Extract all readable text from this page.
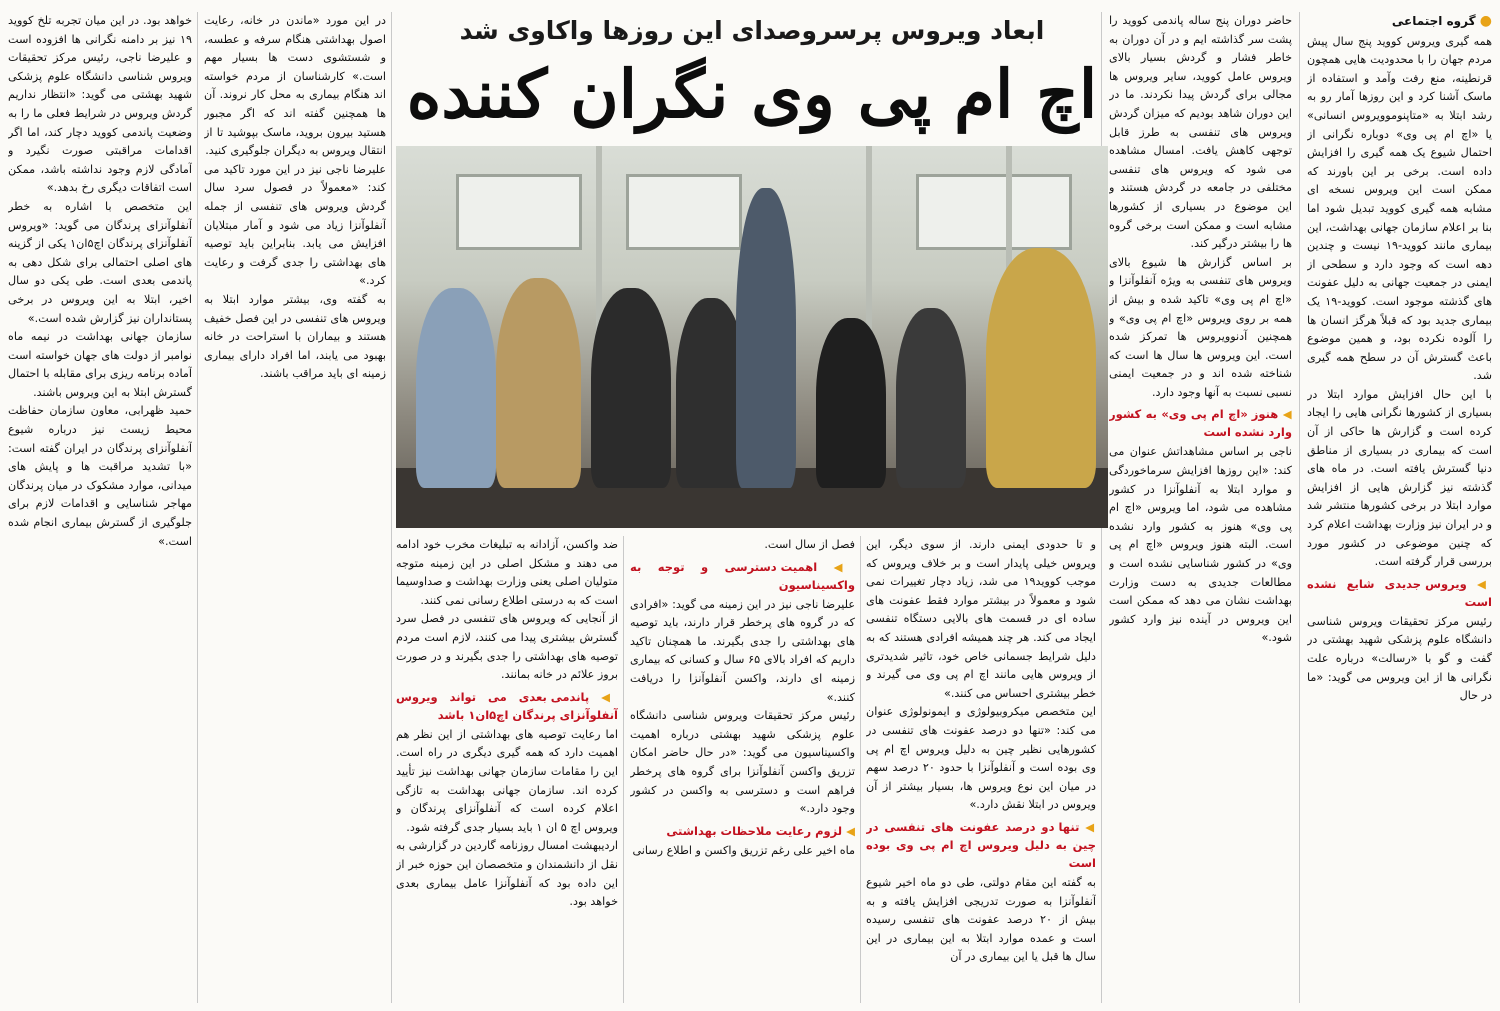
● گروه اجتماعی

همه گیری ویروس کووید پنج سال پیش مردم جهان را با محدودیت هایی همچون قرنطینه، منع رفت وآمد و استفاده از ماسک آشنا کرد و این روزها آمار رو به رشد ابتلا به «متاپنوموویروس انسانی» یا «اچ ام پی وی» دوباره نگرانی از احتمال شیوع یک همه گیری را افزایش داده است. برخی بر این باورند که ممکن است این ویروس نسخه ای مشابه همه گیری کووید تبدیل شود اما بنا بر اعلام سازمان جهانی بهداشت، این بیماری مانند کووید-۱۹ نیست و چندین دهه است که وجود دارد و سطحی از ایمنی در جمعیت جهانی به دلیل عفونت های گذشته موجود است. کووید-۱۹ یک بیماری جدید بود که قبلاً هرگز انسان ها را آلوده نکرده بود، و همین موضوع باعث گسترش آن در سطح همه گیری شد.

با این حال افزایش موارد ابتلا در بسیاری از کشورها نگرانی هایی را ایجاد کرده است و گزارش ها حاکی از آن است که بیماری در بسیاری از مناطق دنیا گسترش یافته است. در ماه های گذشته نیز گزارش هایی از افزایش موارد ابتلا در برخی کشورها منتشر شد و در ایران نیز وزارت بهداشت اعلام کرد که چنین موضوعی در کشور مورد بررسی قرار گرفته است.

◀ ویروس جدیدی شایع نشده است

رئیس مرکز تحقیقات ویروس شناسی دانشگاه علوم پزشکی شهید بهشتی در گفت و گو با «رسالت» درباره علت نگرانی ها از این ویروس می گوید: «ما در حال

حاضر دوران پنج ساله پاندمی کووید را پشت سر گذاشته ایم و در آن دوران به خاطر فشار و گردش بسیار بالای ویروس عامل کووید، سایر ویروس ها مجالی برای گردش پیدا نکردند. ما در این دوران شاهد بودیم که میزان گردش ویروس های تنفسی به طرز قابل توجهی کاهش یافت. امسال مشاهده می شود که ویروس های تنفسی مختلفی در جامعه در گردش هستند و این موضوع در بسیاری از کشورها مشابه است و ممکن است برخی گروه ها را بیشتر درگیر کند.

بر اساس گزارش ها شیوع بالای ویروس های تنفسی به ویژه آنفلوآنزا و «اچ ام پی وی» تاکید شده و بیش از همه بر روی ویروس «اچ ام پی وی» و همچنین آدنوویروس ها تمرکز شده است. این ویروس ها سال ها است که شناخته شده اند و در جمعیت ایمنی نسبی نسبت به آنها وجود دارد.

◀ هنوز «اچ ام پی وی» به کشور وارد نشده است

ناجی بر اساس مشاهداتش عنوان می کند: «این روزها افزایش سرماخوردگی و موارد ابتلا به آنفلوآنزا در کشور مشاهده می شود، اما ویروس «اچ ام پی وی» هنوز به کشور وارد نشده است. البته هنوز ویروس «اچ ام پی وی» در کشور شناسایی نشده است و مطالعات جدیدی به دست وزارت بهداشت نشان می دهد که ممکن است این ویروس در آینده نیز وارد کشور شود.»

ابعاد ویروس پرسروصدای این روزها واکاوی شد
اچ ام پی وی نگران کننده

و تا حدودی ایمنی دارند. از سوی دیگر، این ویروس خیلی پایدار است و بر خلاف ویروس که موجب کووید۱۹ می شد، زیاد دچار تغییرات نمی شود و معمولاً در بیشتر موارد فقط عفونت های ساده ای در قسمت های بالایی دستگاه تنفسی ایجاد می کند. هر چند همیشه افرادی هستند که به دلیل شرایط جسمانی خاص خود، تاثیر شدیدتری از ویروس هایی مانند اچ ام پی وی می گیرند و خطر بیشتری احساس می کنند.»

این متخصص میکروبیولوژی و ایمونولوژی عنوان می کند: «تنها دو درصد عفونت های تنفسی در کشورهایی نظیر چین به دلیل ویروس اچ ام پی وی بوده است و آنفلوآنزا با حدود ۲۰ درصد سهم در میان این نوع ویروس ها، بسیار بیشتر از آن ویروس در ابتلا نقش دارد.»

◀ تنها دو درصد عفونت های تنفسی در چین به دلیل ویروس اچ ام پی وی بوده است

به گفته این مقام دولتی، طی دو ماه اخیر شیوع آنفلوآنزا به صورت تدریجی افزایش یافته و به بیش از ۲۰ درصد عفونت های تنفسی رسیده است و عمده موارد ابتلا به این بیماری در این سال ها قبل یا این بیماری در آن

فصل از سال است.

◀ اهمیت دسترسی و توجه به واکسیناسیون

علیرضا ناجی نیز در این زمینه می گوید: «افرادی که در گروه های پرخطر قرار دارند، باید توصیه های بهداشتی را جدی بگیرند. ما همچنان تاکید داریم که افراد بالای ۶۵ سال و کسانی که بیماری زمینه ای دارند، واکسن آنفلوآنزا را دریافت کنند.»

رئیس مرکز تحقیقات ویروس شناسی دانشگاه علوم پزشکی شهید بهشتی درباره اهمیت واکسیناسیون می گوید: «در حال حاضر امکان تزریق واکسن آنفلوآنزا برای گروه های پرخطر فراهم است و دسترسی به واکسن در کشور وجود دارد.»

◀ لزوم رعایت ملاحظات بهداشتی

ماه اخیر علی رغم تزریق واکسن و اطلاع رسانی

ضد واکسن، آزادانه به تبلیغات مخرب خود ادامه می دهند و مشکل اصلی در این زمینه متوجه متولیان اصلی یعنی وزارت بهداشت و صداوسیما است که به درستی اطلاع رسانی نمی کنند.

از آنجایی که ویروس های تنفسی در فصل سرد گسترش بیشتری پیدا می کنند، لازم است مردم توصیه های بهداشتی را جدی بگیرند و در صورت بروز علائم در خانه بمانند.

◀ پاندمی بعدی می تواند ویروس آنفلوآنزای پرندگان اچ۵ان۱ باشد

اما رعایت توصیه های بهداشتی از این نظر هم اهمیت دارد که همه گیری دیگری در راه است. این را مقامات سازمان جهانی بهداشت نیز تأیید کرده اند. سازمان جهانی بهداشت به تازگی اعلام کرده است که آنفلوآنزای پرندگان و ویروس اچ ۵ ان ۱ باید بسیار جدی گرفته شود.

اردیبهشت امسال روزنامه گاردین در گزارشی به نقل از دانشمندان و متخصصان این حوزه خبر از این داده بود که آنفلوآنزا عامل بیماری بعدی خواهد بود.

در این مورد «ماندن در خانه، رعایت اصول بهداشتی هنگام سرفه و عطسه، و شستشوی دست ها بسیار مهم است.» کارشناسان از مردم خواسته اند هنگام بیماری به محل کار نروند. آن ها همچنین گفته اند که اگر مجبور هستید بیرون بروید، ماسک بپوشید تا از انتقال ویروس به دیگران جلوگیری کنید.

علیرضا ناجی نیز در این مورد تاکید می کند: «معمولاً در فصول سرد سال گردش ویروس های تنفسی از جمله آنفلوآنزا زیاد می شود و آمار مبتلایان افزایش می یابد. بنابراین باید توصیه های بهداشتی را جدی گرفت و رعایت کرد.»

به گفته وی، بیشتر موارد ابتلا به ویروس های تنفسی در این فصل خفیف هستند و بیماران با استراحت در خانه بهبود می یابند، اما افراد دارای بیماری زمینه ای باید مراقب باشند.

خواهد بود. در این میان تجربه تلخ کووید ۱۹ نیز بر دامنه نگرانی ها افزوده است و علیرضا ناجی، رئیس مرکز تحقیقات ویروس شناسی دانشگاه علوم پزشکی شهید بهشتی می گوید: «انتظار نداریم گردش ویروس در شرایط فعلی ما را به وضعیت پاندمی کووید دچار کند، اما اگر اقدامات مراقبتی صورت نگیرد و آمادگی لازم وجود نداشته باشد، ممکن است اتفاقات دیگری رخ بدهد.»

این متخصص با اشاره به خطر آنفلوآنزای پرندگان می گوید: «ویروس آنفلوآنزای پرندگان اچ۵ان۱ یکی از گزینه های اصلی احتمالی برای شکل دهی به پاندمی بعدی است. طی یکی دو سال اخیر، ابتلا به این ویروس در برخی پستانداران نیز گزارش شده است.»

سازمان جهانی بهداشت در نیمه ماه نوامبر از دولت های جهان خواسته است آماده برنامه ریزی برای مقابله با احتمال گسترش ابتلا به این ویروس باشند.

حمید ظهرابی، معاون سازمان حفاظت محیط زیست نیز درباره شیوع آنفلوآنزای پرندگان در ایران گفته است: «با تشدید مراقبت ها و پایش های میدانی، موارد مشکوک در میان پرندگان مهاجر شناسایی و اقدامات لازم برای جلوگیری از گسترش بیماری انجام شده است.»
